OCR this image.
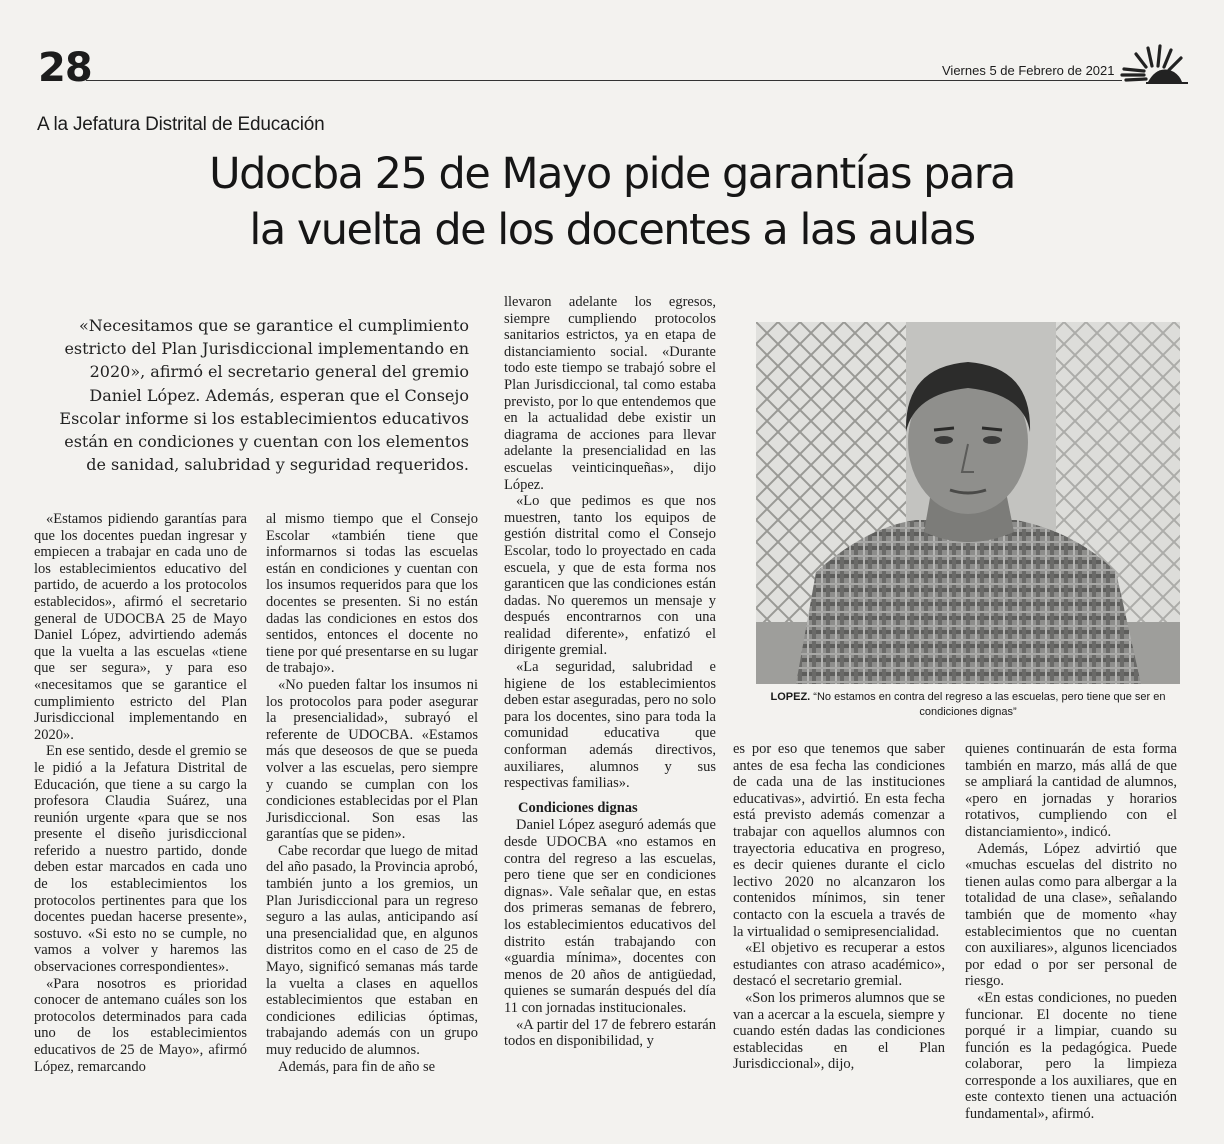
28	Viernes 5 de Febrero de 2021
A la Jefatura Distrital de Educación
Udocba 25 de Mayo pide garantías para
la vuelta de los docentes a las aulas
«Necesitamos que se garantice el cumplimiento estricto del Plan Jurisdiccional implementando en 2020», afirmó el secretario general del gremio Daniel López. Además, esperan que el Consejo Escolar informe si los establecimientos educativos están en condiciones y cuentan con los elementos de sanidad, salubridad y seguridad requeridos.

«Estamos pidiendo garantías para que los docentes puedan ingresar y empiecen a trabajar en cada uno de los establecimientos educativo del partido, de acuerdo a los protocolos establecidos», afirmó el secretario general de UDOCBA 25 de Mayo Daniel López, advirtiendo además que la vuelta a las escuelas «tiene que ser segura», y para eso «necesitamos que se garantice el cumplimiento estricto del Plan Jurisdiccional implementando en 2020».

En ese sentido, desde el gremio se le pidió a la Jefatura Distrital de Educación, que tiene a su cargo la profesora Claudia Suárez, una reunión urgente «para que se nos presente el diseño jurisdiccional referido a nuestro partido, donde deben estar marcados en cada uno de los establecimientos los protocolos pertinentes para que los docentes puedan hacerse presente», sostuvo. «Si esto no se cumple, no vamos a volver y haremos las observaciones correspondientes».

«Para nosotros es prioridad conocer de antemano cuáles son los protocolos determinados para cada uno de los establecimientos educativos de 25 de Mayo», afirmó López, remarcando

al mismo tiempo que el Consejo Escolar «también tiene que informarnos si todas las escuelas están en condiciones y cuentan con los insumos requeridos para que los docentes se presenten. Si no están dadas las condiciones en estos dos sentidos, entonces el docente no tiene por qué presentarse en su lugar de trabajo».

«No pueden faltar los insumos ni los protocolos para poder asegurar la presencialidad», subrayó el referente de UDOCBA. «Estamos más que deseosos de que se pueda volver a las escuelas, pero siempre y cuando se cumplan con los condiciones establecidas por el Plan Jurisdiccional. Son esas las garantías que se piden».

Cabe recordar que luego de mitad del año pasado, la Provincia aprobó, también junto a los gremios, un Plan Jurisdiccional para un regreso seguro a las aulas, anticipando así una presencialidad que, en algunos distritos como en el caso de 25 de Mayo, significó semanas más tarde la vuelta a clases en aquellos establecimientos que estaban en condiciones edilicias óptimas, trabajando además con un grupo muy reducido de alumnos.

Además, para fin de año se

llevaron adelante los egresos, siempre cumpliendo protocolos sanitarios estrictos, ya en etapa de distanciamiento social. «Durante todo este tiempo se trabajó sobre el Plan Jurisdiccional, tal como estaba previsto, por lo que entendemos que en la actualidad debe existir un diagrama de acciones para llevar adelante la presencialidad en las escuelas veinticinqueñas», dijo López.

«Lo que pedimos es que nos muestren, tanto los equipos de gestión distrital como el Consejo Escolar, todo lo proyectado en cada escuela, y que de esta forma nos garanticen que las condiciones están dadas. No queremos un mensaje y después encontrarnos con una realidad diferente», enfatizó el dirigente gremial.

«La seguridad, salubridad e higiene de los establecimientos deben estar aseguradas, pero no solo para los docentes, sino para toda la comunidad educativa que conforman además directivos, auxiliares, alumnos y sus respectivas familias».

Condiciones dignas

Daniel López aseguró además que desde UDOCBA «no estamos en contra del regreso a las escuelas, pero tiene que ser en condiciones dignas». Vale señalar que, en estas dos primeras semanas de febrero, los establecimientos educativos del distrito están trabajando con «guardia mínima», docentes con menos de 20 años de antigüedad, quienes se sumarán después del día 11 con jornadas institucionales.

«A partir del 17 de febrero estarán todos en disponibilidad, y

es por eso que tenemos que saber antes de esa fecha las condiciones de cada una de las instituciones educativas», advirtió. En esta fecha está previsto además comenzar a trabajar con aquellos alumnos con trayectoria educativa en progreso, es decir quienes durante el ciclo lectivo 2020 no alcanzaron los contenidos mínimos, sin tener contacto con la escuela a través de la virtualidad o semipresencialidad.

«El objetivo es recuperar a estos estudiantes con atraso académico», destacó el secretario gremial.

«Son los primeros alumnos que se van a acercar a la escuela, siempre y cuando estén dadas las condiciones establecidas en el Plan Jurisdiccional», dijo,

quienes continuarán de esta forma también en marzo, más allá de que se ampliará la cantidad de alumnos, «pero en jornadas y horarios rotativos, cumpliendo con el distanciamiento», indicó.

Además, López advirtió que «muchas escuelas del distrito no tienen aulas como para albergar a la totalidad de una clase», señalando también que de momento «hay establecimientos que no cuentan con auxiliares», algunos licenciados por edad o por ser personal de riesgo.

«En estas condiciones, no pueden funcionar. El docente no tiene porqué ir a limpiar, cuando su función es la pedagógica. Puede colaborar, pero la limpieza corresponde a los auxiliares, que en este contexto tienen una actuación fundamental», afirmó.

LOPEZ. “No estamos en contra del regreso a las escuelas, pero tiene que ser en condiciones dignas”
